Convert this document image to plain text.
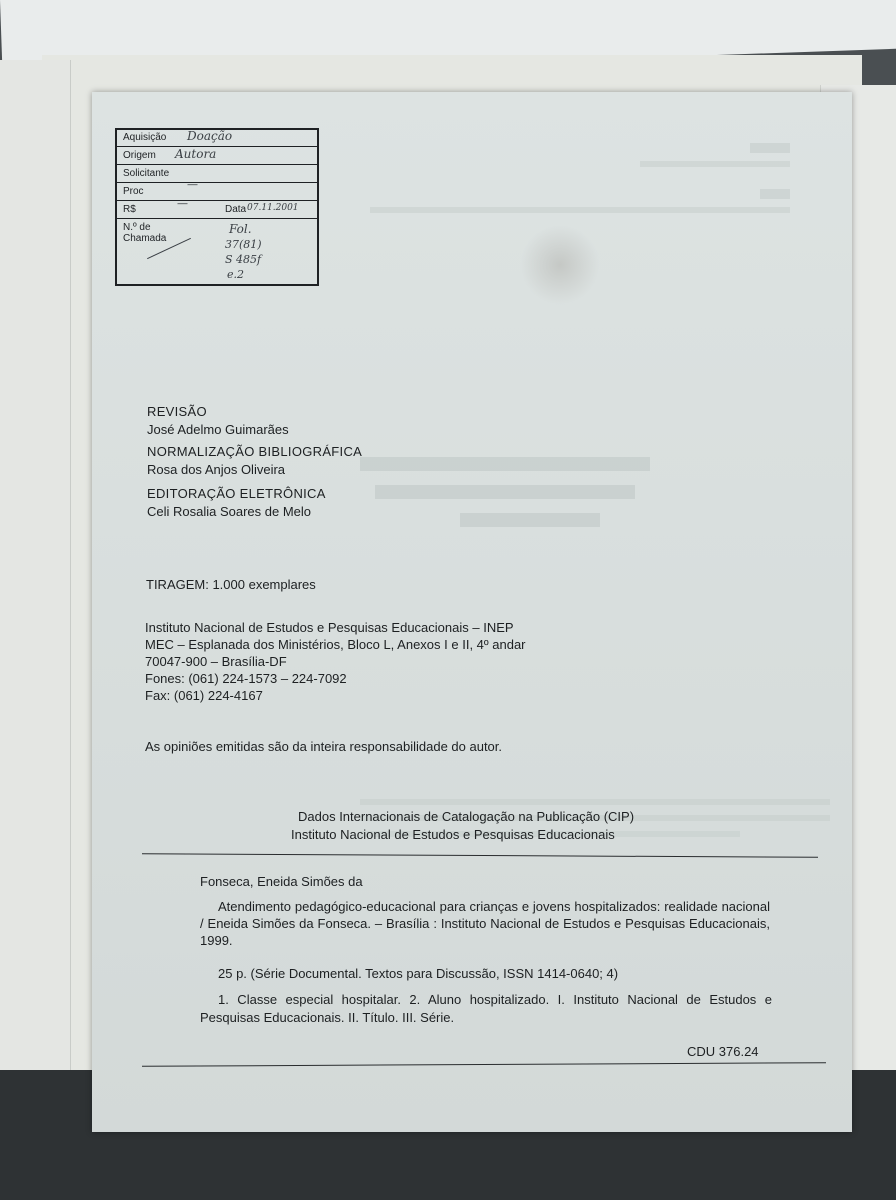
Aquisição Doação
Origem Autora
Solicitante
Proc
—
R$	—	Data 07.11.2001
N.º de Chamada
Fol.
37(81)
S 485f
e.2
REVISÃO
José Adelmo Guimarães
NORMALIZAÇÃO BIBLIOGRÁFICA
Rosa dos Anjos Oliveira
EDITORAÇÃO ELETRÔNICA
Celi Rosalia Soares de Melo
TIRAGEM: 1.000 exemplares
Instituto Nacional de Estudos e Pesquisas Educacionais – INEP
MEC – Esplanada dos Ministérios, Bloco L, Anexos I e II, 4º andar
70047-900 – Brasília-DF
Fones: (061) 224-1573 – 224-7092
Fax: (061) 224-4167
As opiniões emitidas são da inteira responsabilidade do autor.
Dados Internacionais de Catalogação na Publicação (CIP)
Instituto Nacional de Estudos e Pesquisas Educacionais
Fonseca, Eneida Simões da
Atendimento pedagógico-educacional para crianças e jovens hospitalizados: realidade nacional / Eneida Simões da Fonseca. – Brasília : Instituto Nacional de Estudos e Pesquisas Educacionais, 1999.
25 p. (Série Documental. Textos para Discussão, ISSN 1414-0640; 4)
1. Classe especial hospitalar. 2. Aluno hospitalizado. I. Instituto Nacional de Estudos e Pesquisas Educacionais. II. Título. III. Série.
CDU 376.24
